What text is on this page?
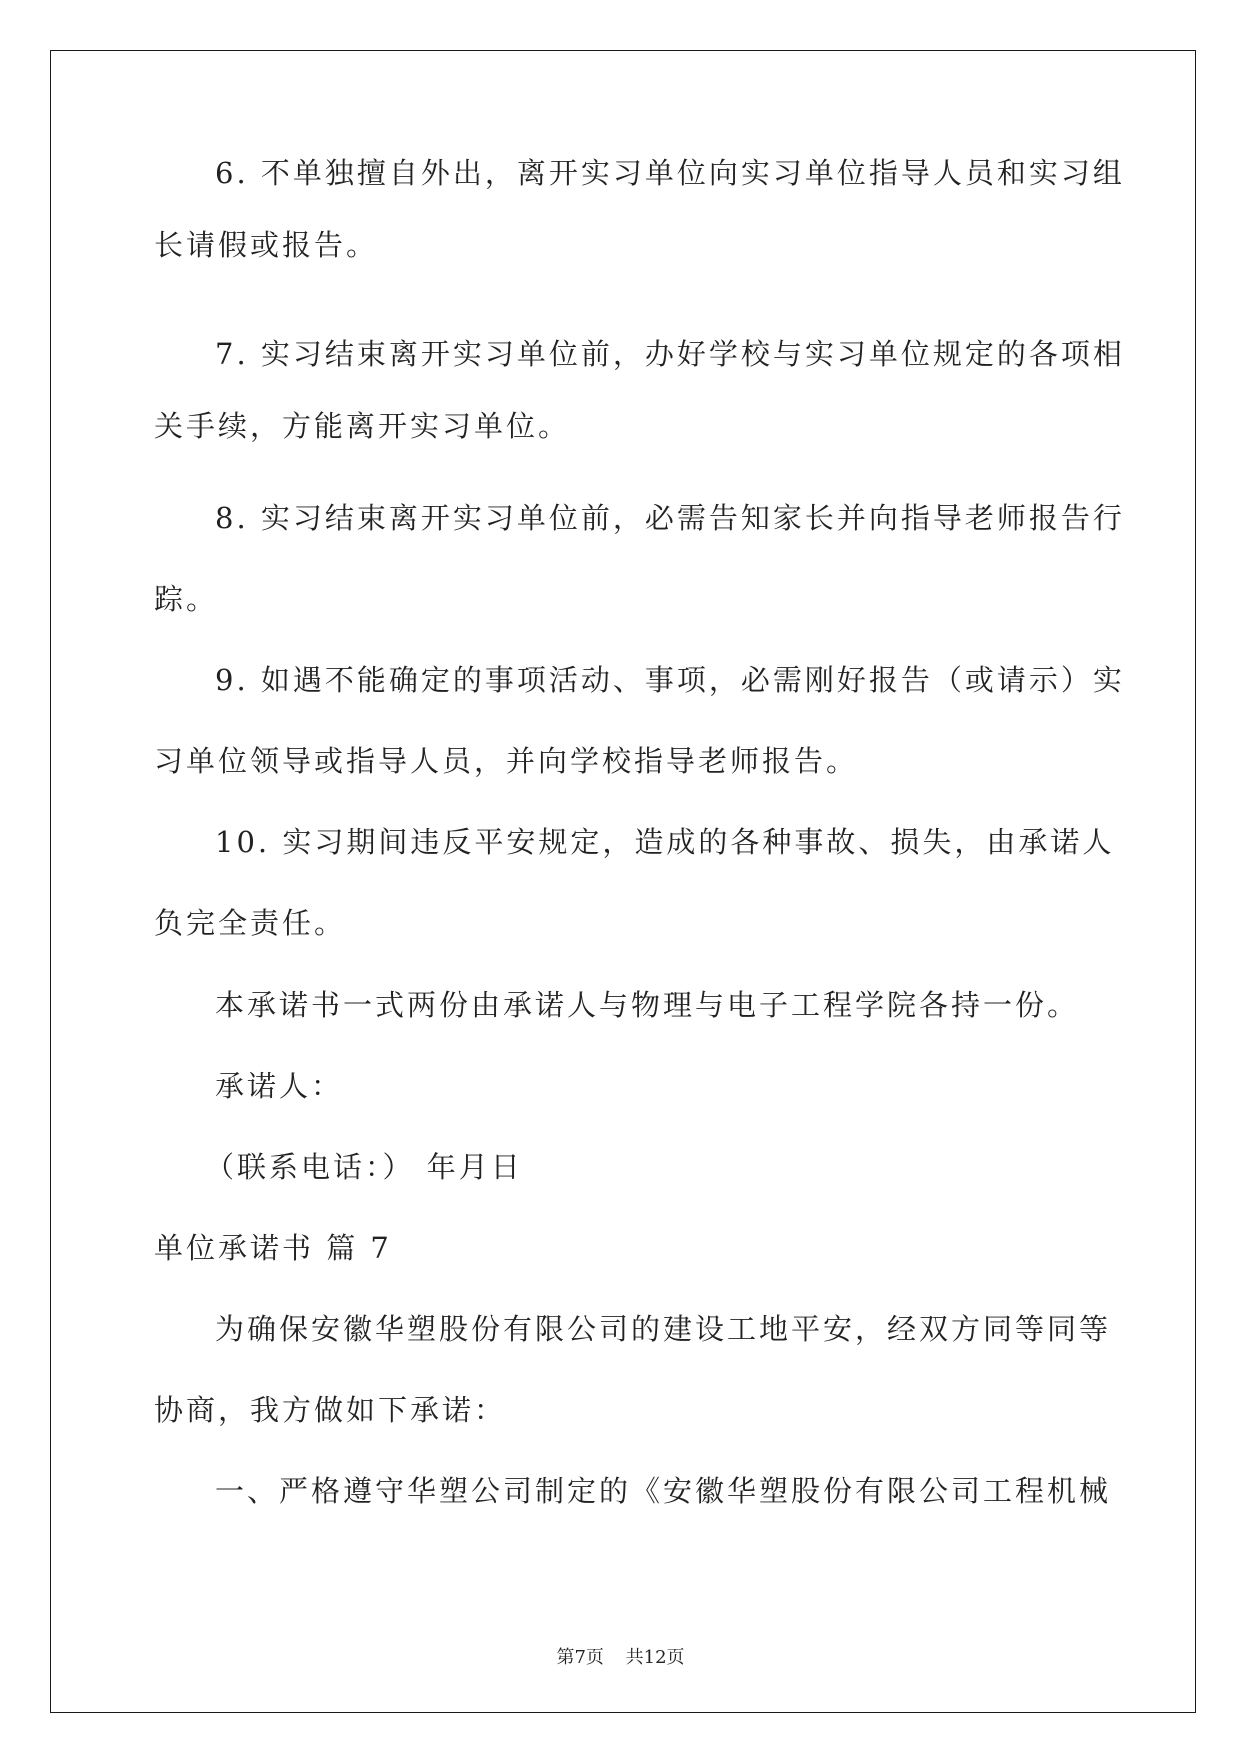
6. 不单独擅自外出，离开实习单位向实习单位指导人员和实习组
长请假或报告。
7. 实习结束离开实习单位前，办好学校与实习单位规定的各项相
关手续，方能离开实习单位。
8. 实习结束离开实习单位前，必需告知家长并向指导老师报告行
踪。
9. 如遇不能确定的事项活动、事项，必需刚好报告（或请示）实
习单位领导或指导人员，并向学校指导老师报告。
10. 实习期间违反平安规定，造成的各种事故、损失，由承诺人
负完全责任。
本承诺书一式两份由承诺人与物理与电子工程学院各持一份。
承诺人：
（联系电话：） 年月日
单位承诺书 篇 7
为确保安徽华塑股份有限公司的建设工地平安，经双方同等同等
协商，我方做如下承诺：
一、严格遵守华塑公司制定的《安徽华塑股份有限公司工程机械
第7页 共12页
